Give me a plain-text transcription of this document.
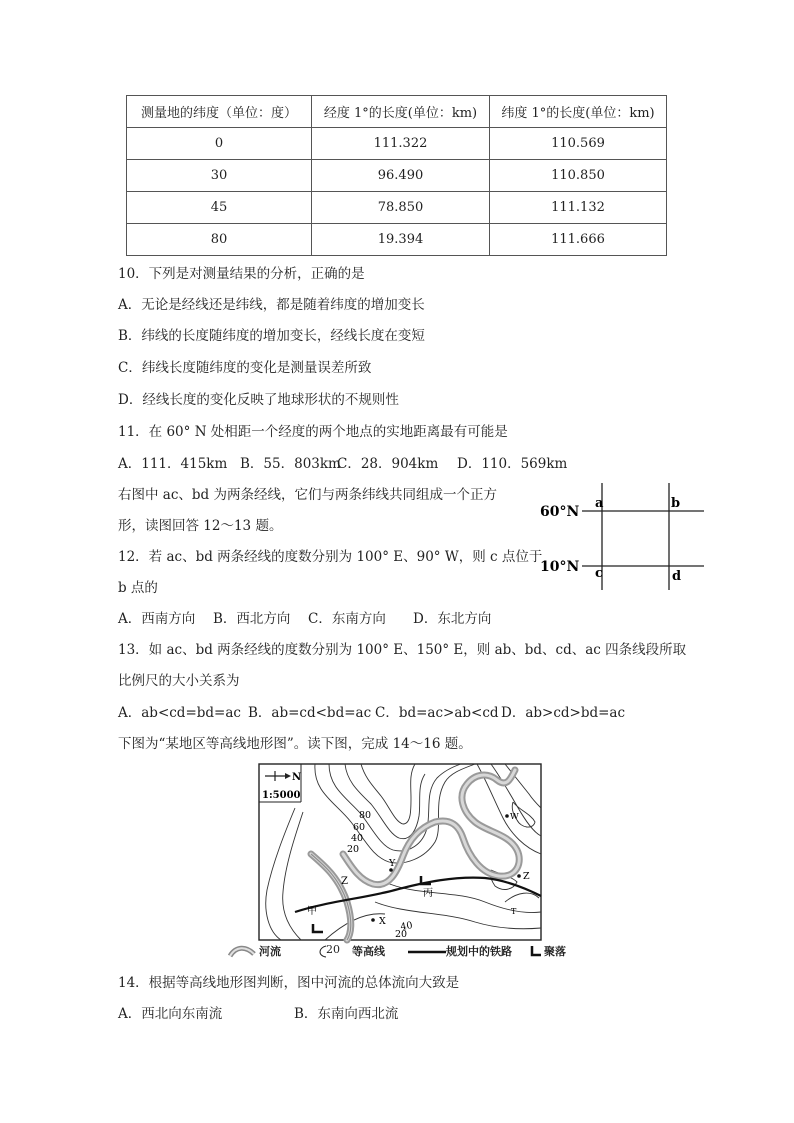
测量地的纬度（单位：度）	经度 1°的长度(单位：km)	纬度 1°的长度(单位：km)
0	111.322	110.569
30	96.490	110.850
45	78.850	111.132
80	19.394	111.666
10．下列是对测量结果的分析，正确的是
A．无论是经线还是纬线，都是随着纬度的增加变长
B．纬线的长度随纬度的增加变长，经线长度在变短
C．纬线长度随纬度的变化是测量误差所致
D．经线长度的变化反映了地球形状的不规则性
11．在 60° N 处相距一个经度的两个地点的实地距离最有可能是
A．111．415km B．55．803kmC．28．904km D．110．569km
右图中 ac、bd 为两条经线，它们与两条纬线共同组成一个正方
形，读图回答 12～13 题。
12．若 ac、bd 两条经线的度数分别为 100° E、90° W，则 c 点位于
b 点的
A．西南方向 B．西北方向 C．东南方向 D．东北方向
13．如 ac、bd 两条经线的度数分别为 100° E、150° E，则 ab、bd、cd、ac 四条线段所取
比例尺的大小关系为
A．ab<cd=bd=ac B．ab=cd<bd=ac C．bd=ac>ab<cd D．ab>cd>bd=ac
下图为“某地区等高线地形图”。读下图，完成 14～16 题。
60°N
10°N
a	b
c	d
N
1:5000
80
60
40
20
20
40
Y
Z
W
X
T
Z
甲
丙
河流	20 等高线	规划中的铁路	聚落
14．根据等高线地形图判断，图中河流的总体流向大致是
A．西北向东南流	B．东南向西北流
